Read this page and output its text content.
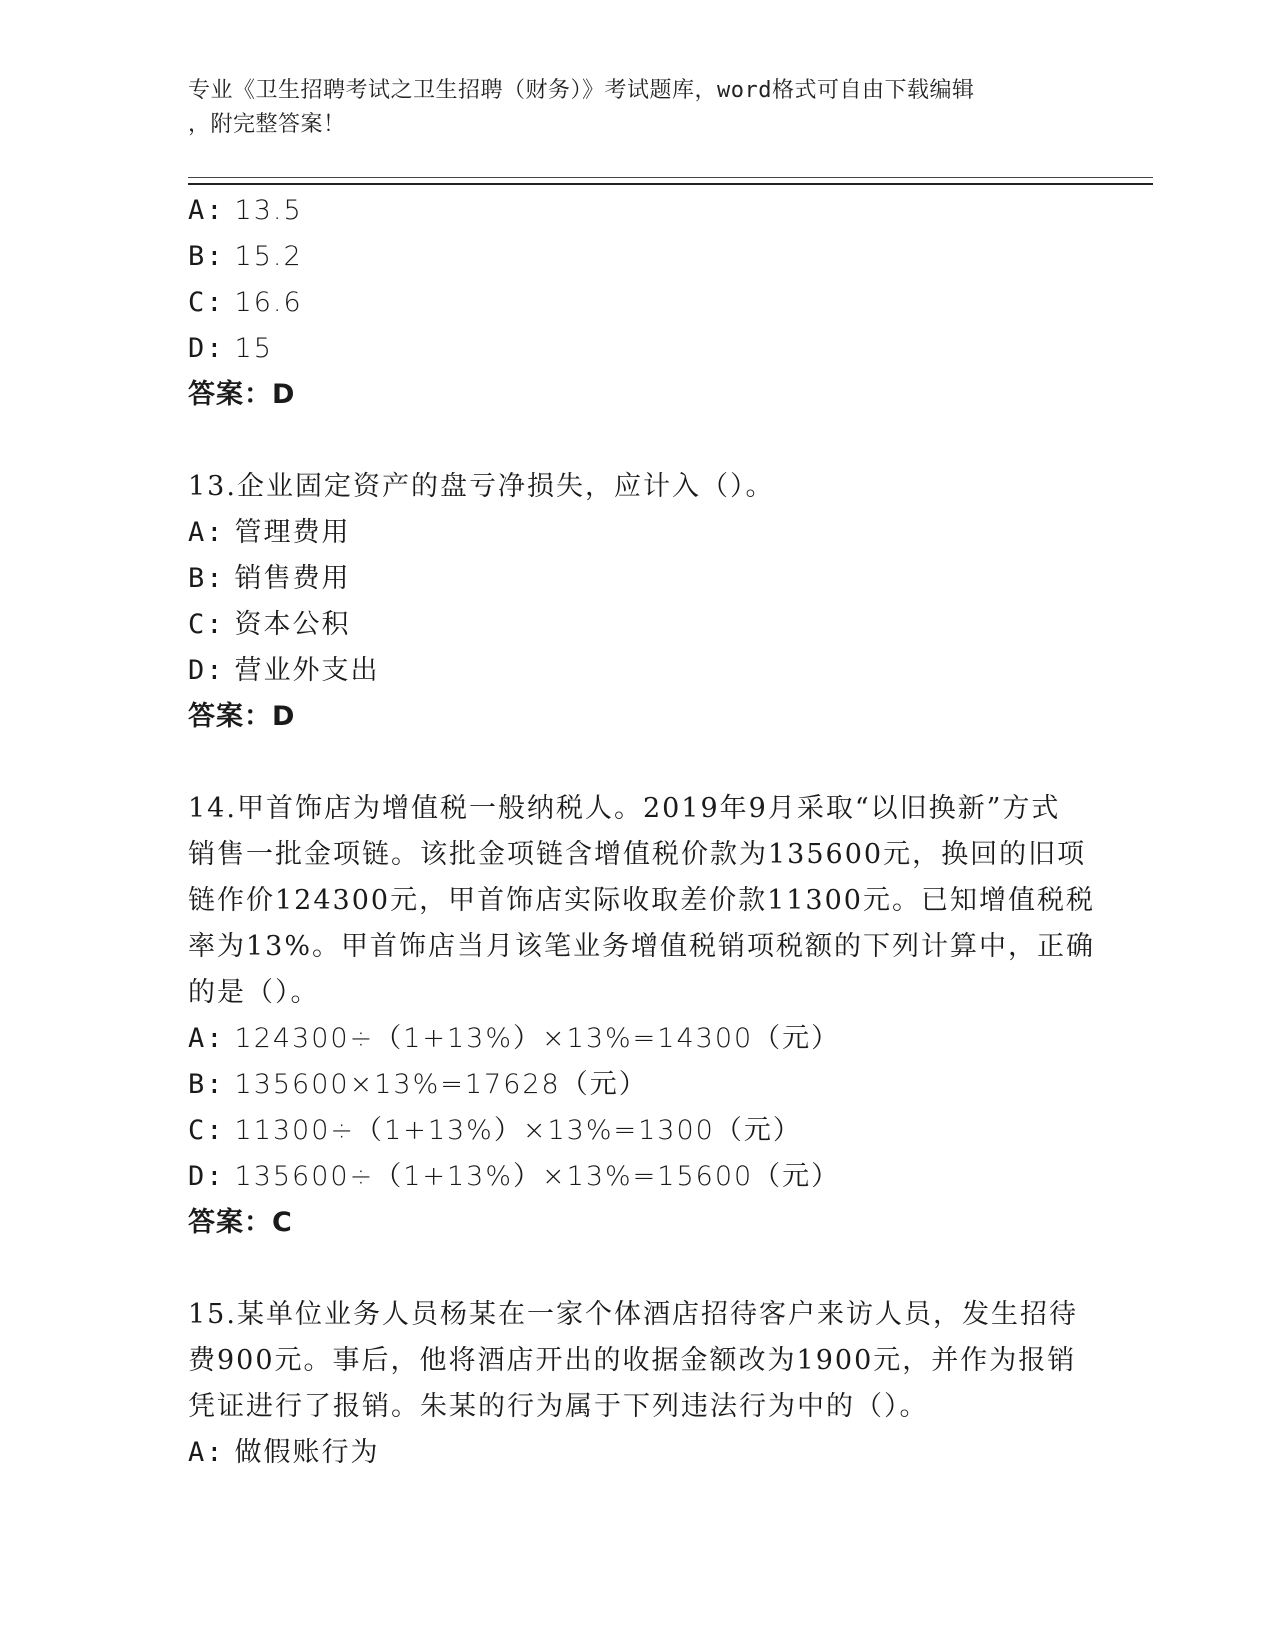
专业《卫生招聘考试之卫生招聘（财务）》考试题库，word格式可自由下载编辑
，附完整答案！
A: 13.5
B: 15.2
C: 16.6
D: 15
答案：D
13.企业固定资产的盘亏净损失，应计入（）。
A: 管理费用
B: 销售费用
C: 资本公积
D: 营业外支出
答案：D
14.甲首饰店为增值税一般纳税人。2019年9月采取“以旧换新”方式
销售一批金项链。该批金项链含增值税价款为135600元，换回的旧项
链作价124300元，甲首饰店实际收取差价款11300元。已知增值税税
率为13%。甲首饰店当月该笔业务增值税销项税额的下列计算中，正确
的是（）。
A: 124300÷（1+13%）×13%=14300（元）
B: 135600×13%=17628（元）
C: 11300÷（1+13%）×13%=1300（元）
D: 135600÷（1+13%）×13%=15600（元）
答案：C
15.某单位业务人员杨某在一家个体酒店招待客户来访人员，发生招待
费900元。事后，他将酒店开出的收据金额改为1900元，并作为报销
凭证进行了报销。朱某的行为属于下列违法行为中的（）。
A: 做假账行为
